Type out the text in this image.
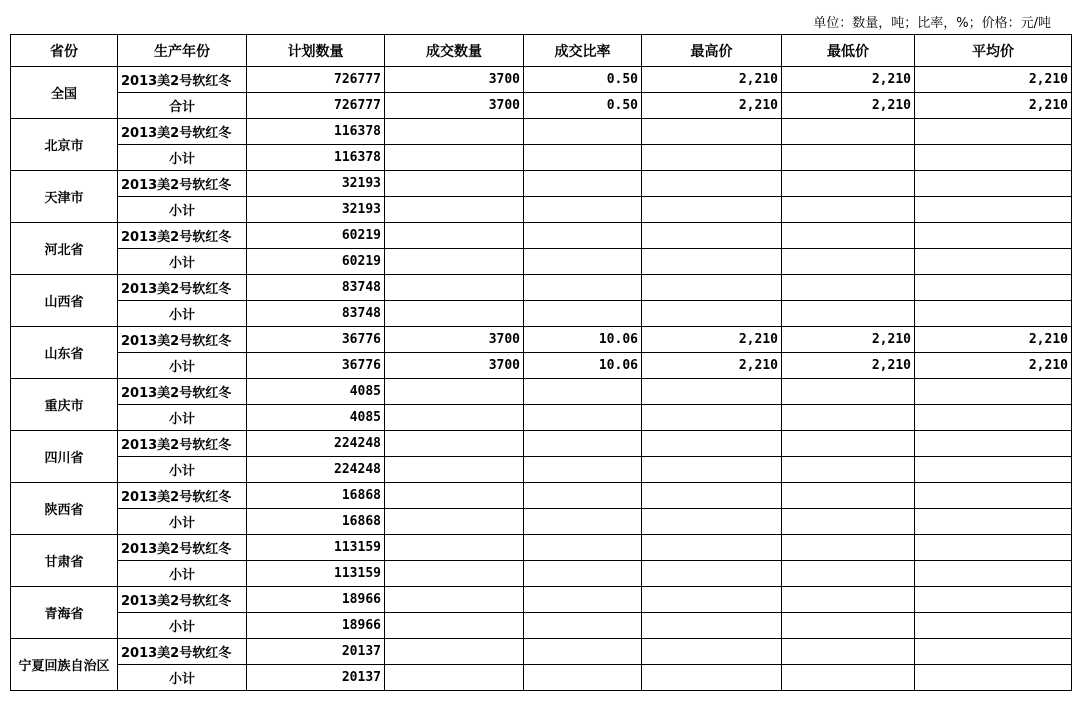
单位：数量，吨；比率，%；价格：元/吨
省份	生产年份	计划数量	成交数量	成交比率	最高价	最低价	平均价
全国	2013美2号软红冬	726777	3700	0.50	2,210	2,210	2,210
	合计	726777	3700	0.50	2,210	2,210	2,210
北京市	2013美2号软红冬	116378					
	小计	116378					
天津市	2013美2号软红冬	32193					
	小计	32193					
河北省	2013美2号软红冬	60219					
	小计	60219					
山西省	2013美2号软红冬	83748					
	小计	83748					
山东省	2013美2号软红冬	36776	3700	10.06	2,210	2,210	2,210
	小计	36776	3700	10.06	2,210	2,210	2,210
重庆市	2013美2号软红冬	4085					
	小计	4085					
四川省	2013美2号软红冬	224248					
	小计	224248					
陕西省	2013美2号软红冬	16868					
	小计	16868					
甘肃省	2013美2号软红冬	113159					
	小计	113159					
青海省	2013美2号软红冬	18966					
	小计	18966					
宁夏回族自治区	2013美2号软红冬	20137					
	小计	20137					
